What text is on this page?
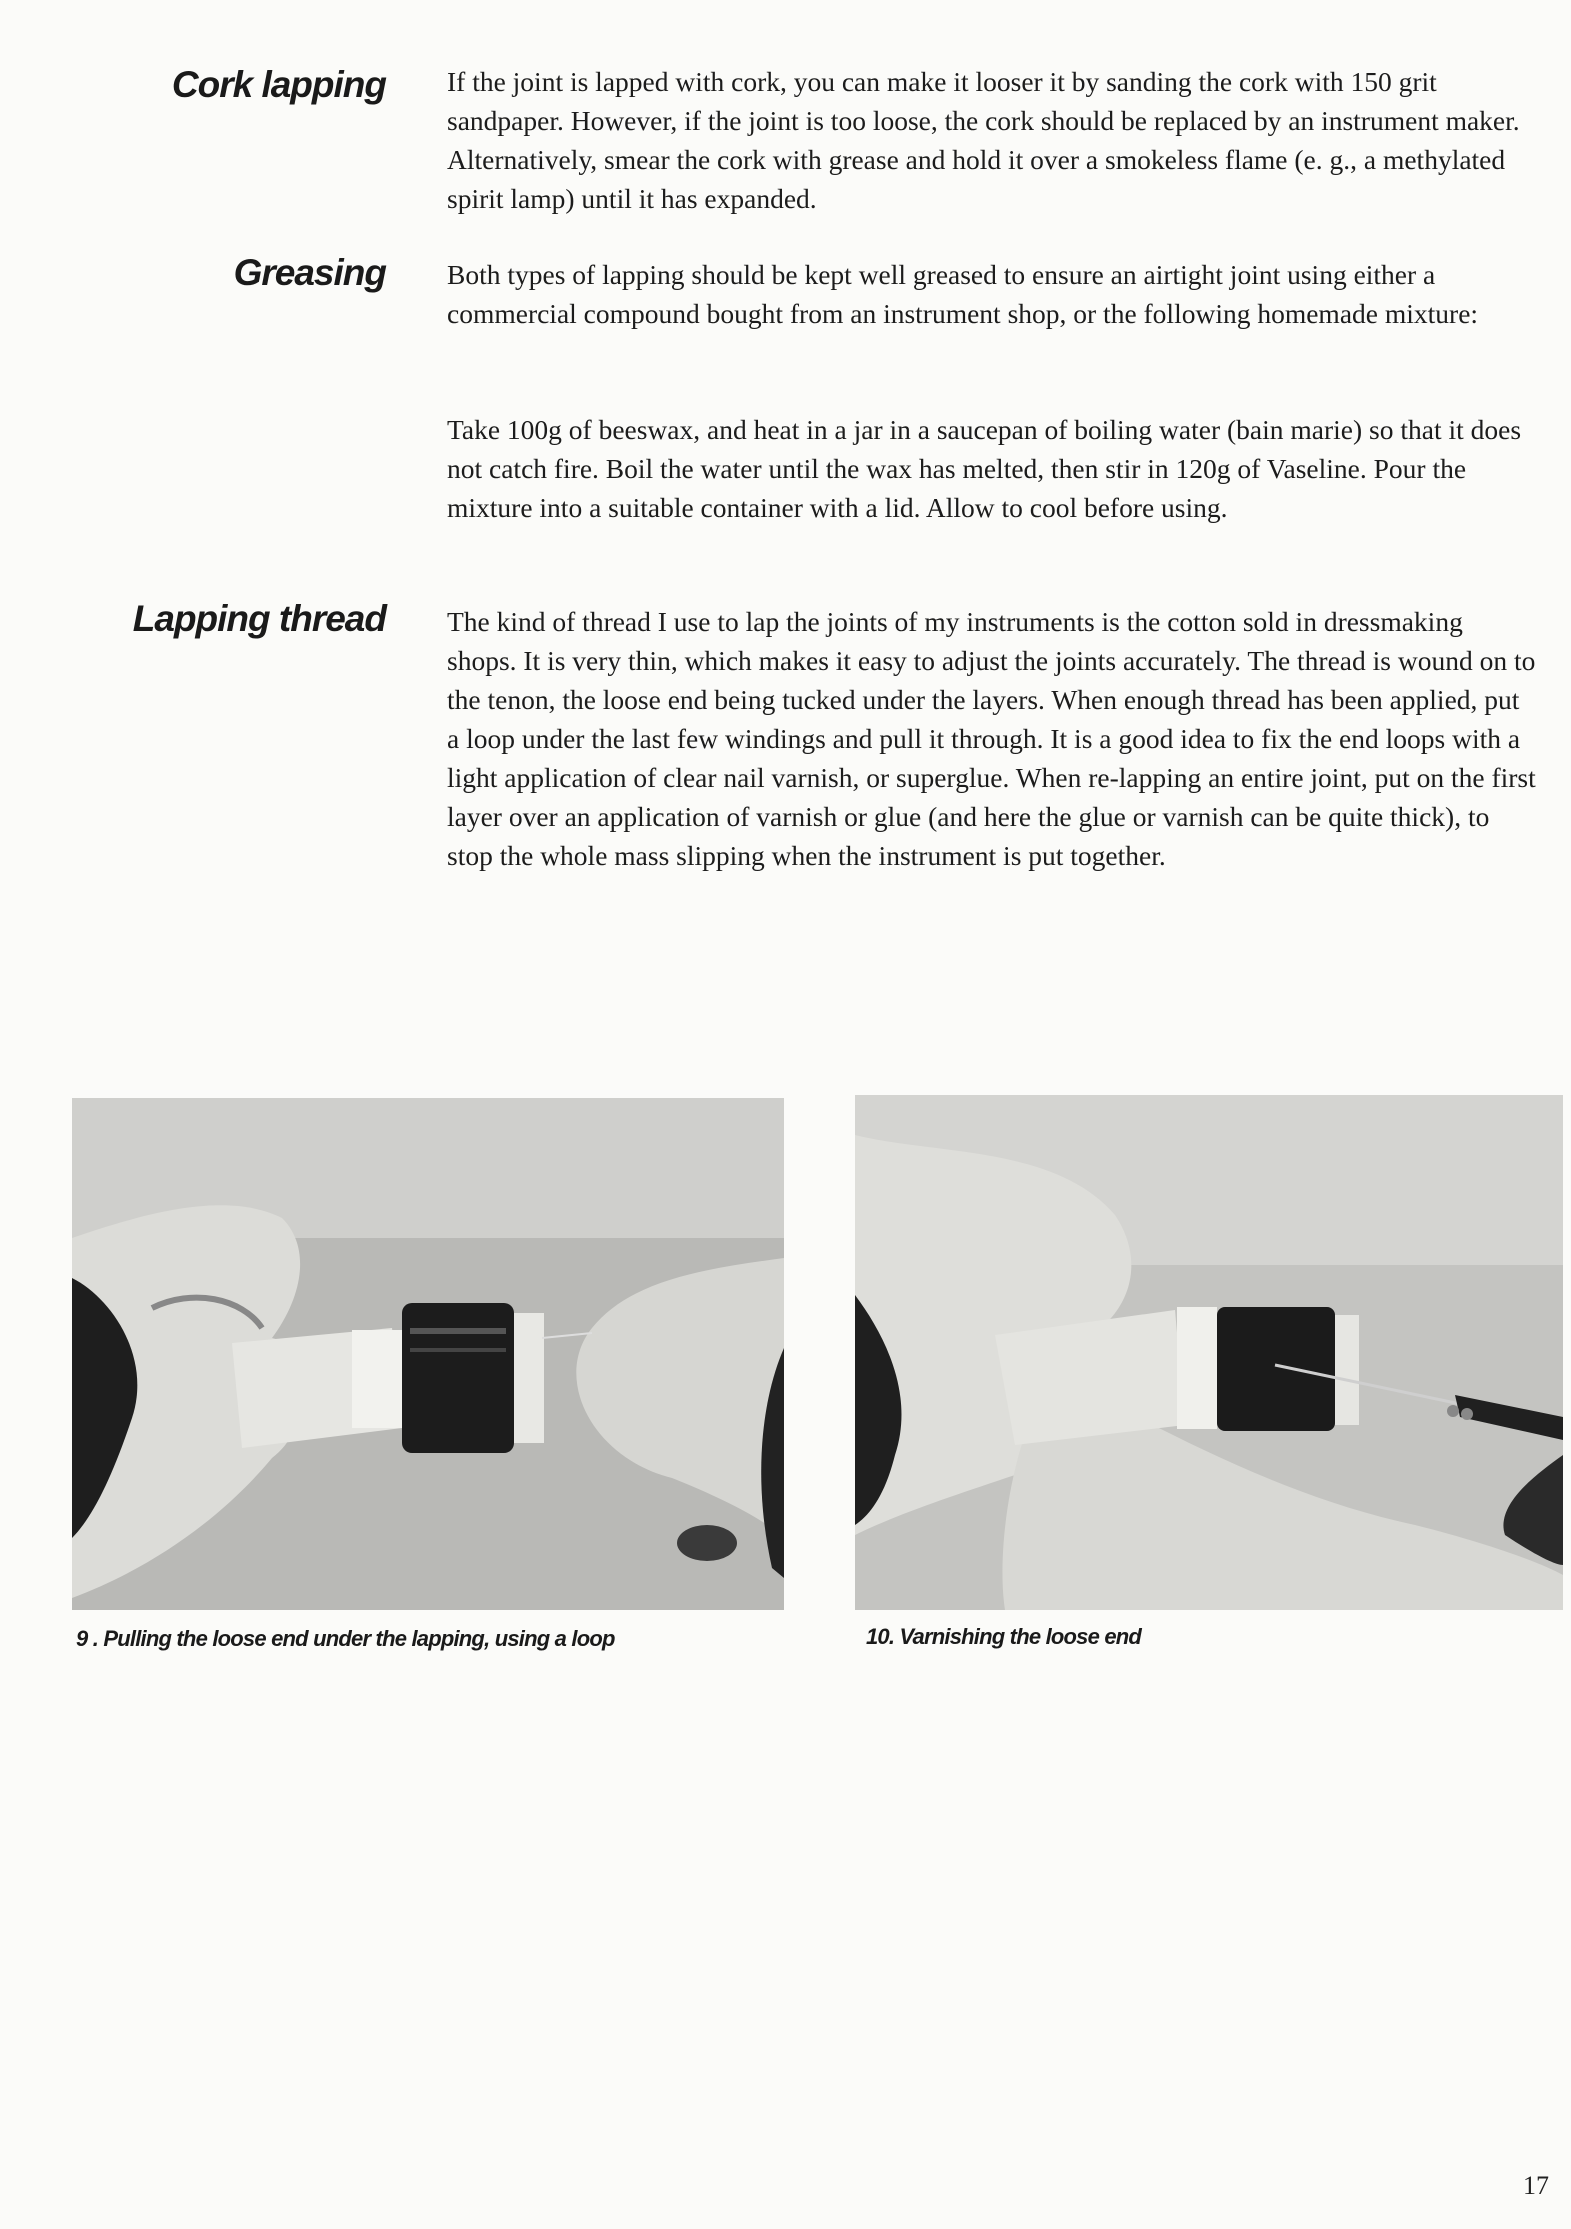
Cork lapping If the joint is lapped with cork, you can make it looser it by sanding the cork with 150 grit sandpaper. However, if the joint is too loose, the cork should be replaced by an instrument maker. Alternatively, smear the cork with grease and hold it over a smokeless flame (e. g., a methylated spirit lamp) until it has expanded.

Greasing Both types of lapping should be kept well greased to ensure an airtight joint using either a commercial compound bought from an instrument shop, or the following homemade mixture:

Take 100g of beeswax, and heat in a jar in a saucepan of boiling water (bain marie) so that it does not catch fire. Boil the water until the wax has melted, then stir in 120g of Vaseline. Pour the mixture into a suitable container with a lid. Allow to cool before using.

Lapping thread The kind of thread I use to lap the joints of my instruments is the cotton sold in dressmaking shops. It is very thin, which makes it easy to adjust the joints accurately. The thread is wound on to the tenon, the loose end being tucked under the layers. When enough thread has been applied, put a loop under the last few windings and pull it through. It is a good idea to fix the end loops with a light application of clear nail varnish, or superglue. When re-lapping an entire joint, put on the first layer over an application of varnish or glue (and here the glue or varnish can be quite thick), to stop the whole mass slipping when the instrument is put together.

9 . Pulling the loose end under the lapping, using a loop	10. Varnishing the loose end

17
